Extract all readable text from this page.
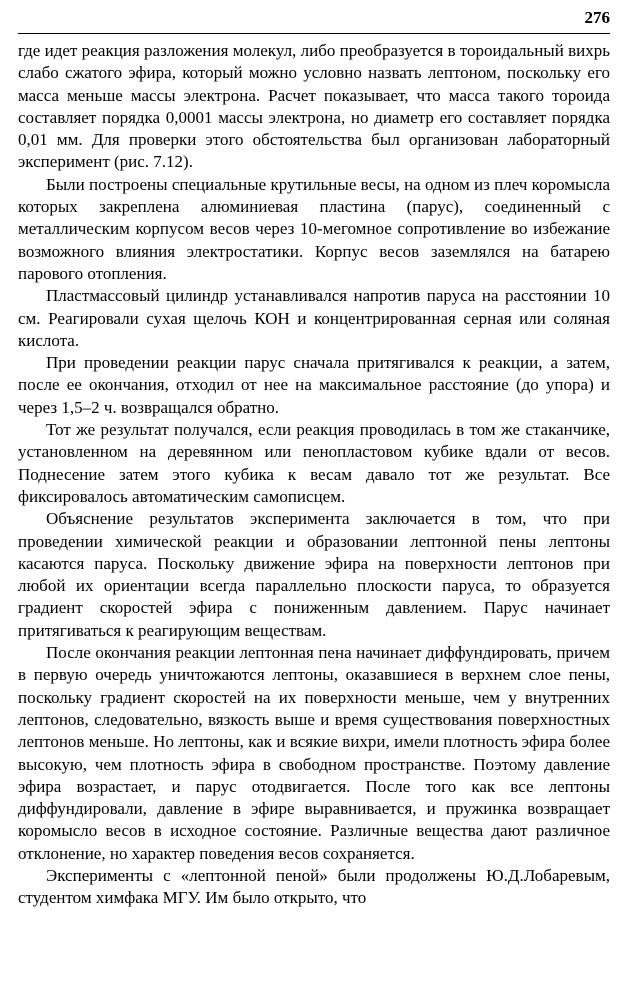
276

где идет реакция разложения молекул, либо преобразуется в тороидальный вихрь слабо сжатого эфира, который можно условно назвать лептоном, поскольку его масса меньше массы электрона. Расчет показывает, что масса такого тороида составляет порядка 0,0001 массы электрона, но диаметр его составляет порядка 0,01 мм. Для проверки этого обстоятельства был организован лабораторный эксперимент (рис. 7.12).

Были построены специальные крутильные весы, на одном из плеч коромысла которых закреплена алюминиевая пластина (парус), соединенный с металлическим корпусом весов через 10-мегомное сопротивление во избежание возможного влияния электростатики. Корпус весов заземлялся на батарею парового отопления.

Пластмассовый цилиндр устанавливался напротив паруса на расстоянии 10 см. Реагировали сухая щелочь КОН и концентрированная серная или соляная кислота.

При проведении реакции парус сначала притягивался к реакции, а затем, после ее окончания, отходил от нее на максимальное расстояние (до упора) и через 1,5–2 ч. возвращался обратно.

Тот же результат получался, если реакция проводилась в том же стаканчике, установленном на деревянном или пенопластовом кубике вдали от весов. Поднесение затем этого кубика к весам давало тот же результат. Все фиксировалось автоматическим самописцем.

Объяснение результатов эксперимента заключается в том, что при проведении химической реакции и образовании лептонной пены лептоны касаются паруса. Поскольку движение эфира на поверхности лептонов при любой их ориентации всегда параллельно плоскости паруса, то образуется градиент скоростей эфира с пониженным давлением. Парус начинает притягиваться к реагирующим веществам.

После окончания реакции лептонная пена начинает диффундировать, причем в первую очередь уничтожаются лептоны, оказавшиеся в верхнем слое пены, поскольку градиент скоростей на их поверхности меньше, чем у внутренних лептонов, следовательно, вязкость выше и время существования поверхностных лептонов меньше. Но лептоны, как и всякие вихри, имели плотность эфира более высокую, чем плотность эфира в свободном пространстве. Поэтому давление эфира возрастает, и парус отодвигается. После того как все лептоны диффундировали, давление в эфире выравнивается, и пружинка возвращает коромысло весов в исходное состояние. Различные вещества дают различное отклонение, но характер поведения весов сохраняется.

Эксперименты с «лептонной пеной» были продолжены Ю.Д.Лобаревым, студентом химфака МГУ. Им было открыто, что
